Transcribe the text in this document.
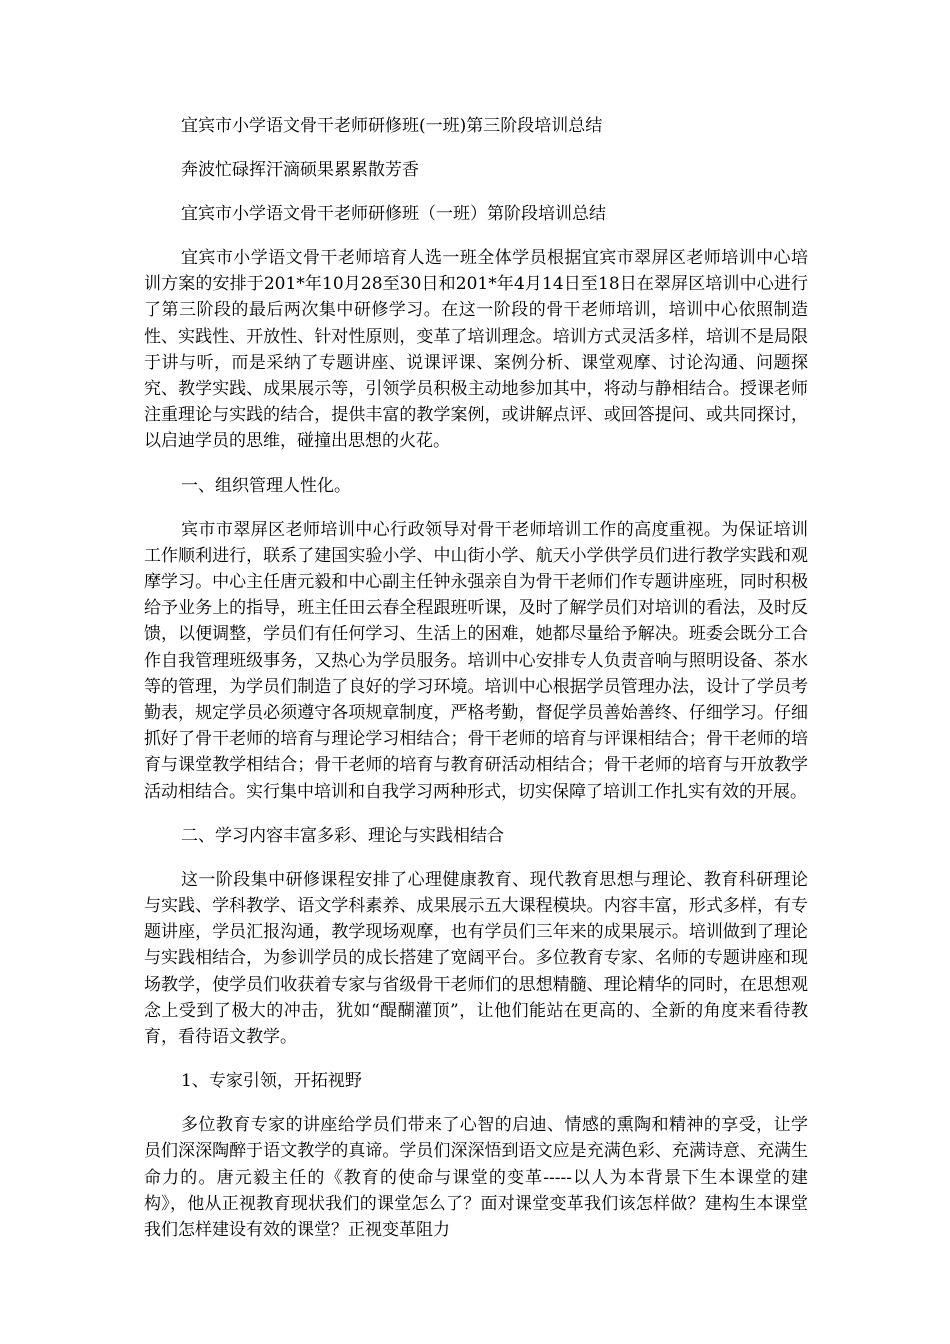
宜宾市小学语文骨干老师研修班(一班)第三阶段培训总结

奔波忙碌挥汗滴硕果累累散芳香

宜宾市小学语文骨干老师研修班（一班）第阶段培训总结

宜宾市小学语文骨干老师培育人选一班全体学员根据宜宾市翠屏区老师培训中心培训方案的安排于201*年10月28至30日和201*年4月14日至18日在翠屏区培训中心进行了第三阶段的最后两次集中研修学习。在这一阶段的骨干老师培训，培训中心依照制造性、实践性、开放性、针对性原则，变革了培训理念。培训方式灵活多样，培训不是局限于讲与听，而是采纳了专题讲座、说课评课、案例分析、课堂观摩、讨论沟通、问题探究、教学实践、成果展示等，引领学员积极主动地参加其中，将动与静相结合。授课老师注重理论与实践的结合，提供丰富的教学案例，或讲解点评、或回答提问、或共同探讨，以启迪学员的思维，碰撞出思想的火花。

一、组织管理人性化。

宾市市翠屏区老师培训中心行政领导对骨干老师培训工作的高度重视。为保证培训工作顺利进行，联系了建国实验小学、中山街小学、航天小学供学员们进行教学实践和观摩学习。中心主任唐元毅和中心副主任钟永强亲自为骨干老师们作专题讲座班，同时积极给予业务上的指导，班主任田云春全程跟班听课，及时了解学员们对培训的看法，及时反馈，以便调整，学员们有任何学习、生活上的困难，她都尽量给予解决。班委会既分工合作自我管理班级事务，又热心为学员服务。培训中心安排专人负责音响与照明设备、茶水等的管理，为学员们制造了良好的学习环境。培训中心根据学员管理办法，设计了学员考勤表，规定学员必须遵守各项规章制度，严格考勤，督促学员善始善终、仔细学习。仔细抓好了骨干老师的培育与理论学习相结合；骨干老师的培育与评课相结合；骨干老师的培育与课堂教学相结合；骨干老师的培育与教育研活动相结合；骨干老师的培育与开放教学活动相结合。实行集中培训和自我学习两种形式，切实保障了培训工作扎实有效的开展。

二、学习内容丰富多彩、理论与实践相结合

这一阶段集中研修课程安排了心理健康教育、现代教育思想与理论、教育科研理论与实践、学科教学、语文学科素养、成果展示五大课程模块。内容丰富，形式多样，有专题讲座，学员汇报沟通，教学现场观摩，也有学员们三年来的成果展示。培训做到了理论与实践相结合，为参训学员的成长搭建了宽阔平台。多位教育专家、名师的专题讲座和现场教学，使学员们收获着专家与省级骨干老师们的思想精髓、理论精华的同时，在思想观念上受到了极大的冲击，犹如“醍醐灌顶”，让他们能站在更高的、全新的角度来看待教育，看待语文教学。

1、专家引领，开拓视野

多位教育专家的讲座给学员们带来了心智的启迪、情感的熏陶和精神的享受，让学员们深深陶醉于语文教学的真谛。学员们深深悟到语文应是充满色彩、充满诗意、充满生命力的。唐元毅主任的《教育的使命与课堂的变革-----以人为本背景下生本课堂的建构》，他从正视教育现状我们的课堂怎么了？面对课堂变革我们该怎样做？建构生本课堂我们怎样建设有效的课堂？正视变革阻力
